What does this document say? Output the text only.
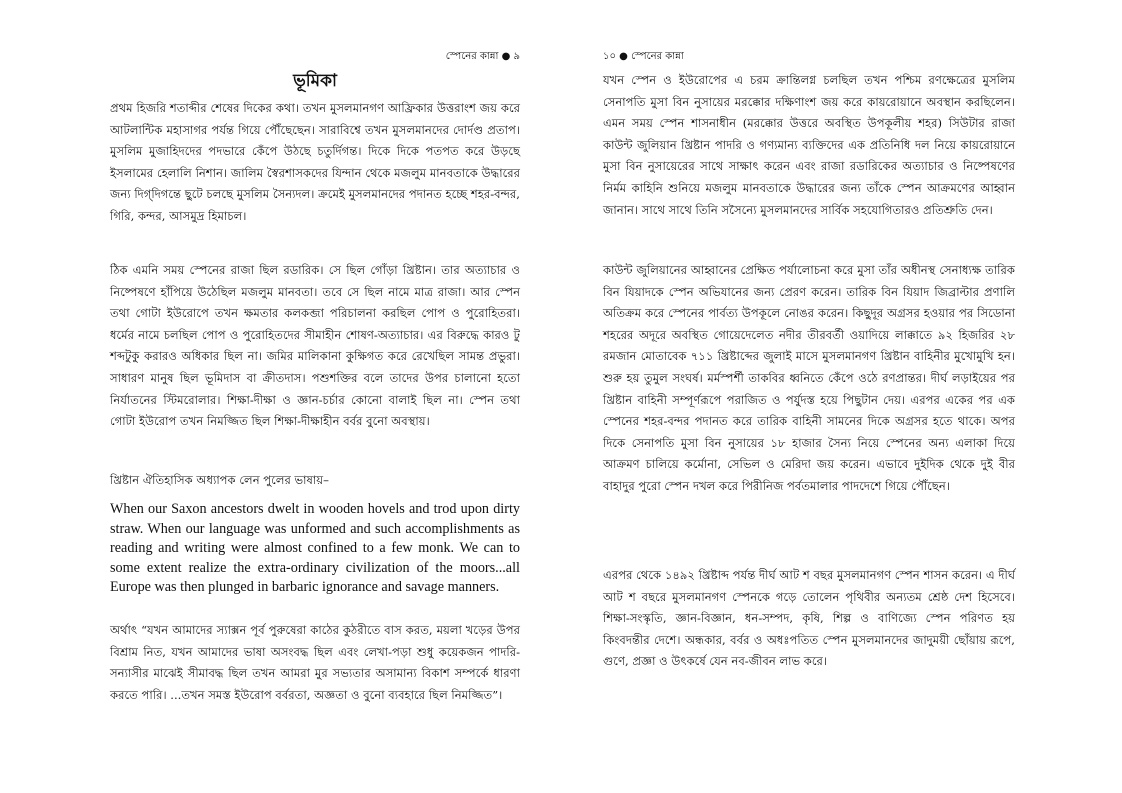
স্পেনের কান্না ● ৯
ভূমিকা

প্রথম হিজরি শতাব্দীর শেষের দিকের কথা। তখন মুসলমানগণ আফ্রিকার উত্তরাংশ জয় করে আটলান্টিক মহাসাগর পর্যন্ত গিয়ে পৌঁছেছেন। সারাবিশ্বে তখন মুসলমানদের দোর্দণ্ড প্রতাপ। মুসলিম মুজাহিদদের পদভারে কেঁপে উঠছে চতুর্দিগন্ত। দিকে দিকে পতপত করে উড়ছে ইসলামের হেলালি নিশান। জালিম স্বৈরশাসকদের যিন্দান থেকে মজলুম মানবতাকে উদ্ধারের জন্য দিগ্‌দিগন্তে ছুটে চলছে মুসলিম সৈন্যদল। ক্রমেই মুসলমানদের পদানত হচ্ছে শহর-বন্দর, গিরি, কন্দর, আসমুদ্র হিমাচল।

ঠিক এমনি সময় স্পেনের রাজা ছিল রডারিক। সে ছিল গোঁড়া খ্রিষ্টান। তার অত্যাচার ও নিষ্পেষণে হাঁপিয়ে উঠেছিল মজলুম মানবতা। তবে সে ছিল নামে মাত্র রাজা। আর স্পেন তথা গোটা ইউরোপে তখন ক্ষমতার কলকব্জা পরিচালনা করছিল পোপ ও পুরোহিতরা। ধর্মের নামে চলছিল পোপ ও পুরোহিতদের সীমাহীন শোষণ-অত্যাচার। এর বিরুদ্ধে কারও টু শব্দটুকু করারও অধিকার ছিল না। জমির মালিকানা কুক্ষিগত করে রেখেছিল সামন্ত প্রভুরা। সাধারণ মানুষ ছিল ভূমিদাস বা ক্রীতদাস। পশুশক্তির বলে তাদের উপর চালানো হতো নির্যাতনের স্টিমরোলার। শিক্ষা-দীক্ষা ও জ্ঞান-চর্চার কোনো বালাই ছিল না। স্পেন তথা গোটা ইউরোপ তখন নিমজ্জিত ছিল শিক্ষা-দীক্ষাহীন বর্বর বুনো অবস্থায়।

খ্রিষ্টান ঐতিহাসিক অধ্যাপক লেন পুলের ভাষায়–

When our Saxon ancestors dwelt in wooden hovels and trod upon dirty straw. When our language was unformed and such accomplishments as reading and writing were almost confined to a few monk. We can to some extent realize the extra-ordinary civilization of the moors...all Europe was then plunged in barbaric ignorance and savage manners.

অর্থাৎ “যখন আমাদের স্যাক্সন পূর্ব পুরুষেরা কাঠের কুঠরীতে বাস করত, ময়লা খড়ের উপর বিশ্রাম নিত, যখন আমাদের ভাষা অসংবদ্ধ ছিল এবং লেখা-পড়া শুধু কয়েকজন পাদরি-সন্যাসীর মাঝেই সীমাবদ্ধ ছিল তখন আমরা মুর সভ্যতার অসামান্য বিকাশ সম্পর্কে ধারণা করতে পারি। ...তখন সমস্ত ইউরোপ বর্বরতা, অজ্ঞতা ও বুনো ব্যবহারে ছিল নিমজ্জিত”।

১০ ● স্পেনের কান্না

যখন স্পেন ও ইউরোপের এ চরম ক্রান্তিলগ্ন চলছিল তখন পশ্চিম রণক্ষেত্রের মুসলিম সেনাপতি মুসা বিন নুসায়ের মরক্কোর দক্ষিণাংশ জয় করে কায়রোয়ানে অবস্থান করছিলেন। এমন সময় স্পেন শাসনাধীন (মরক্কোর উত্তরে অবস্থিত উপকূলীয় শহর) সিউটার রাজা কাউন্ট জুলিয়ান খ্রিষ্টান পাদরি ও গণ্যমান্য ব্যক্তিদের এক প্রতিনিধি দল নিয়ে কায়রোয়ানে মুসা বিন নুসায়েরের সাথে সাক্ষাৎ করেন এবং রাজা রডারিকের অত্যাচার ও নিষ্পেষণের নির্মম কাহিনি শুনিয়ে মজলুম মানবতাকে উদ্ধারের জন্য তাঁকে স্পেন আক্রমণের আহ্বান জানান। সাথে সাথে তিনি সসৈন্যে মুসলমানদের সার্বিক সহযোগিতারও প্রতিশ্রুতি দেন।

কাউন্ট জুলিয়ানের আহ্বানের প্রেক্ষিত পর্যালোচনা করে মুসা তাঁর অধীনস্থ সেনাধ্যক্ষ তারিক বিন যিয়াদকে স্পেন অভিযানের জন্য প্রেরণ করেন। তারিক বিন যিয়াদ জিব্রাল্টার প্রণালি অতিক্রম করে স্পেনের পার্বত্য উপকূলে নোঙর করেন। কিছুদূর অগ্রসর হওয়ার পর সিডোনা শহরের অদূরে অবস্থিত গোয়েদেলেত নদীর তীরবর্তী ওয়াদিয়ে লাক্কাতে ৯২ হিজরির ২৮ রমজান মোতাবেক ৭১১ খ্রিষ্টাব্দের জুলাই মাসে মুসলমানগণ খ্রিষ্টান বাহিনীর মুখোমুখি হন। শুরু হয় তুমুল সংঘর্ষ। মর্মস্পর্শী তাকবির ধ্বনিতে কেঁপে ওঠে রণপ্রান্তর। দীর্ঘ লড়াইয়ের পর খ্রিষ্টান বাহিনী সম্পূর্ণরূপে পরাজিত ও পর্যুদস্ত হয়ে পিছুটান দেয়। এরপর একের পর এক স্পেনের শহর-বন্দর পদানত করে তারিক বাহিনী সামনের দিকে অগ্রসর হতে থাকে। অপর দিকে সেনাপতি মুসা বিন নুসায়ের ১৮ হাজার সৈন্য নিয়ে স্পেনের অন্য এলাকা দিয়ে আক্রমণ চালিয়ে কর্মোনা, সেভিল ও মেরিদা জয় করেন। এভাবে দুইদিক থেকে দুই বীর বাহাদুর পুরো স্পেন দখল করে পিরীনিজ পর্বতমালার পাদদেশে গিয়ে পৌঁছেন।

এরপর থেকে ১৪৯২ খ্রিষ্টাব্দ পর্যন্ত দীর্ঘ আট শ বছর মুসলমানগণ স্পেন শাসন করেন। এ দীর্ঘ আট শ বছরে মুসলমানগণ স্পেনকে গড়ে তোলেন পৃথিবীর অন্যতম শ্রেষ্ঠ দেশ হিসেবে। শিক্ষা-সংস্কৃতি, জ্ঞান-বিজ্ঞান, ধন-সম্পদ, কৃষি, শিল্প ও বাণিজ্যে স্পেন পরিণত হয় কিংবদন্তীর দেশে। অন্ধকার, বর্বর ও অধঃপতিত স্পেন মুসলমানদের জাদুময়ী ছোঁয়ায় রূপে, গুণে, প্রজ্ঞা ও উৎকর্ষে যেন নব-জীবন লাভ করে।
